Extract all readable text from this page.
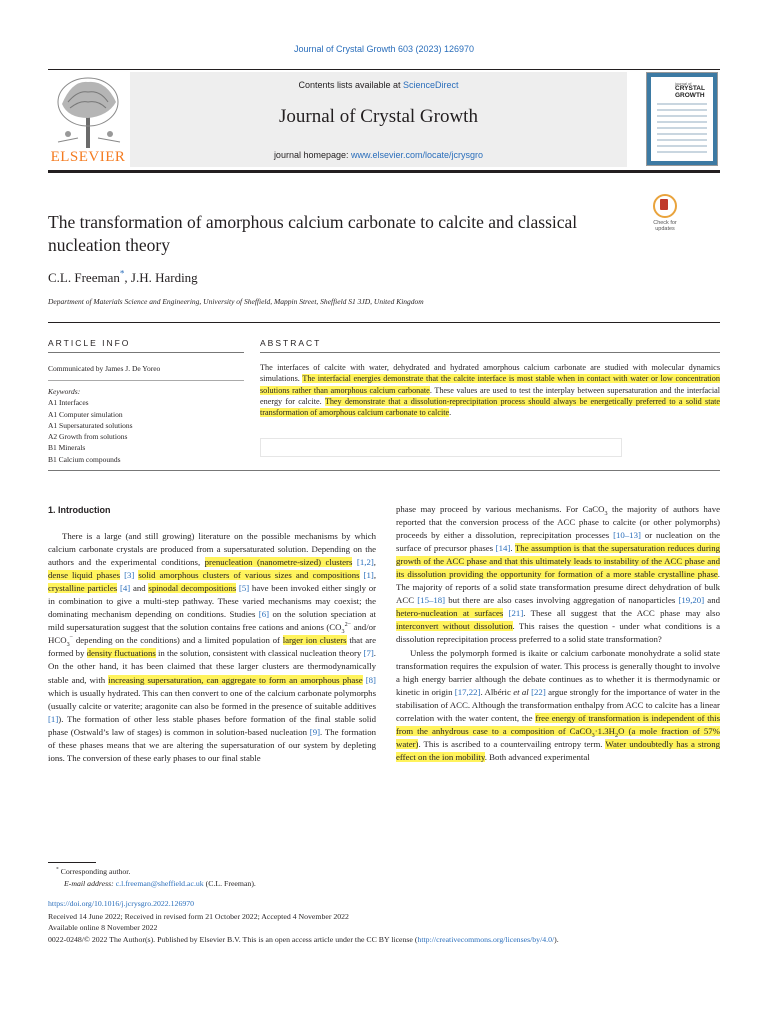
Journal of Crystal Growth 603 (2023) 126970
ELSEVIER
Contents lists available at ScienceDirect
Journal of Crystal Growth
journal homepage: www.elsevier.com/locate/jcrysgro
journal of
CRYSTAL
GROWTH
The transformation of amorphous calcium carbonate to calcite and classical nucleation theory
Check for
updates
C.L. Freeman*, J.H. Harding
Department of Materials Science and Engineering, University of Sheffield, Mappin Street, Sheffield S1 3JD, United Kingdom
ARTICLE INFO
Communicated by James J. De Yoreo
Keywords:
A1 Interfaces
A1 Computer simulation
A1 Supersaturated solutions
A2 Growth from solutions
B1 Minerals
B1 Calcium compounds
ABSTRACT
The interfaces of calcite with water, dehydrated and hydrated amorphous calcium carbonate are studied with molecular dynamics simulations. The interfacial energies demonstrate that the calcite interface is most stable when in contact with water or low concentration solutions rather than amorphous calcium carbonate. These values are used to test the interplay between supersaturation and the interfacial energy for calcite. They demonstrate that a dissolution-reprecipitation process should always be energetically preferred to a solid state transformation of amorphous calcium carbonate to calcite.
1. Introduction

There is a large (and still growing) literature on the possible mechanisms by which calcium carbonate crystals are produced from a supersaturated solution. Depending on the authors and the experimental conditions, prenucleation (nanometre-sized) clusters [1,2], dense liquid phases [3] solid amorphous clusters of various sizes and compositions [1], crystalline particles [4] and spinodal decompositions [5] have been invoked either singly or in combination to give a multi-step pathway. These varied mechanisms may coexist; the dominating mechanism depending on conditions. Studies [6] on the solution speciation at mild supersaturation suggest that the solution contains free cations and anions ($CO_3^{2-}$ and/or $HCO_3^-$ depending on the conditions) and a limited population of larger ion clusters that are formed by density fluctuations in the solution, consistent with classical nucleation theory [7]. On the other hand, it has been claimed that these larger clusters are thermodynamically stable and, with increasing supersaturation, can aggregate to form an amorphous phase [8] which is usually hydrated. This can then convert to one of the calcium carbonate polymorphs (usually calcite or vaterite; aragonite can also be formed in the presence of suitable additives [1]). The formation of other less stable phases before formation of the final stable solid phase (Ostwald’s law of stages) is common in solution-based nucleation [9]. The formation of these phases means that we are altering the supersaturation of our system by depleting ions. The conversion of these early phases to our final stable

phase may proceed by various mechanisms. For CaCO$_3$ the majority of authors have reported that the conversion process of the ACC phase to calcite (or other polymorphs) proceeds by either a dissolution, reprecipitation processes [10–13] or nucleation on the surface of precursor phases [14]. The assumption is that the supersaturation reduces during growth of the ACC phase and that this ultimately leads to instability of the ACC phase and its dissolution providing the opportunity for formation of a more stable crystalline phase. The majority of reports of a solid state transformation presume direct dehydration of bulk ACC [15–18] but there are also cases involving aggregation of nanoparticles [19,20] and hetero-nucleation at surfaces [21]. These all suggest that the ACC phase may also interconvert without dissolution. This raises the question - under what conditions is a dissolution reprecipitation process preferred to a solid state transformation?

Unless the polymorph formed is ikaite or calcium carbonate monohydrate a solid state transformation requires the expulsion of water. This process is generally thought to involve a high energy barrier although the debate continues as to whether it is thermodynamic or kinetic in origin [17,22]. Albéric et al [22] argue strongly for the importance of water in the stabilisation of ACC. Although the transformation enthalpy from ACC to calcite has a linear correlation with the water content, the free energy of transformation is independent of this from the anhydrous case to a composition of $CaCO_3\cdot 1.3H_2O$ (a mole fraction of 57% water). This is ascribed to a countervailing entropy term. Water undoubtedly has a strong effect on the ion mobility. Both advanced experimental

* Corresponding author.
E-mail address: c.l.freeman@sheffield.ac.uk (C.L. Freeman).
https://doi.org/10.1016/j.jcrysgro.2022.126970
Received 14 June 2022; Received in revised form 21 October 2022; Accepted 4 November 2022
Available online 8 November 2022
0022-0248/© 2022 The Author(s). Published by Elsevier B.V. This is an open access article under the CC BY license (http://creativecommons.org/licenses/by/4.0/).
